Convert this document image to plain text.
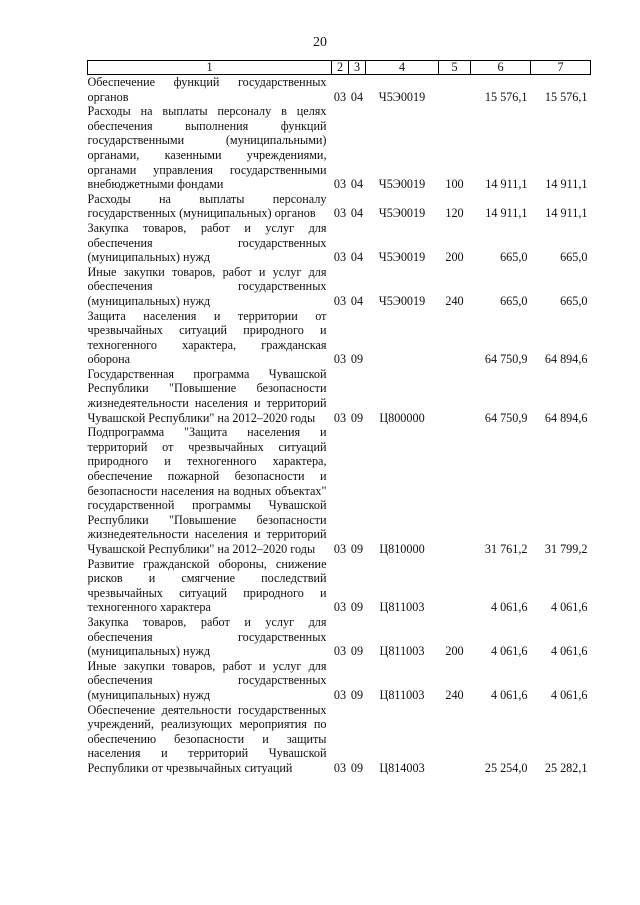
20
1	2	3	4	5	6	7
Обеспечение функций государственных органов	03	04	Ч5Э0019		15 576,1	15 576,1
Расходы на выплаты персоналу в целях обеспечения выполнения функций государственными (муниципальными) органами, казенными учреждениями, органами управления государственными внебюджетными фондами	03	04	Ч5Э0019	100	14 911,1	14 911,1
Расходы на выплаты персоналу государственных (муниципальных) органов	03	04	Ч5Э0019	120	14 911,1	14 911,1
Закупка товаров, работ и услуг для обеспечения государственных (муниципальных) нужд	03	04	Ч5Э0019	200	665,0	665,0
Иные закупки товаров, работ и услуг для обеспечения государственных (муниципальных) нужд	03	04	Ч5Э0019	240	665,0	665,0
Защита населения и территории от чрезвычайных ситуаций природного и техногенного характера, гражданская оборона	03	09			64 750,9	64 894,6
Государственная программа Чувашской Республики "Повышение безопасности жизнедеятельности населения и территорий Чувашской Республики" на 2012–2020 годы	03	09	Ц800000		64 750,9	64 894,6
Подпрограмма "Защита населения и территорий от чрезвычайных ситуаций природного и техногенного характера, обеспечение пожарной безопасности и безопасности населения на водных объектах" государственной программы Чувашской Республики "Повышение безопасности жизнедеятельности населения и территорий Чувашской Республики" на 2012–2020 годы	03	09	Ц810000		31 761,2	31 799,2
Развитие гражданской обороны, снижение рисков и смягчение последствий чрезвычайных ситуаций природного и техногенного характера	03	09	Ц811003		4 061,6	4 061,6
Закупка товаров, работ и услуг для обеспечения государственных (муниципальных) нужд	03	09	Ц811003	200	4 061,6	4 061,6
Иные закупки товаров, работ и услуг для обеспечения государственных (муниципальных) нужд	03	09	Ц811003	240	4 061,6	4 061,6
Обеспечение деятельности государственных учреждений, реализующих мероприятия по обеспечению безопасности и защиты населения и территорий Чувашской Республики от чрезвычайных ситуаций	03	09	Ц814003		25 254,0	25 282,1
